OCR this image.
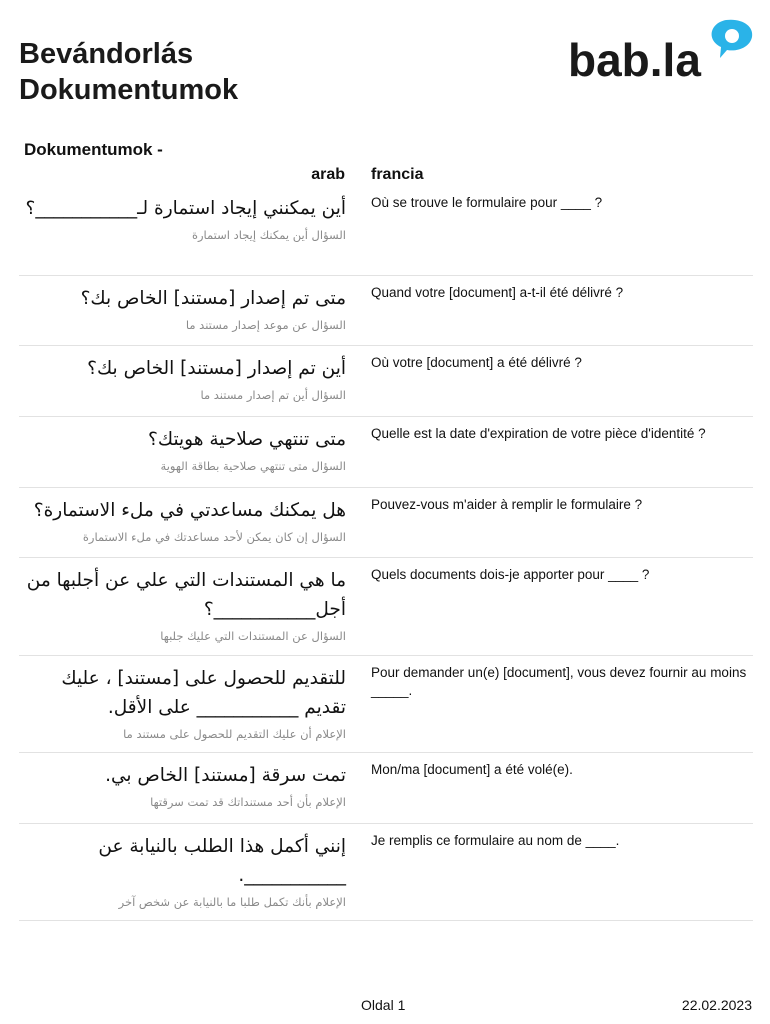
Bevándorlás
Dokumentumok
bab.la
Dokumentumok -
arab francia
أين يمكنني إيجاد استمارة لـ___________؟
السؤال أين يمكنك إيجاد استمارة
Où se trouve le formulaire pour ____ ?
متى تم إصدار [مستند] الخاص بك؟
السؤال عن موعد إصدار مستند ما
Quand votre [document] a-t-il été délivré ?
أين تم إصدار [مستند] الخاص بك؟
السؤال أين تم إصدار مستند ما
Où votre [document] a été délivré ?
متى تنتهي صلاحية هويتك؟
السؤال متى تنتهي صلاحية بطاقة الهوية
Quelle est la date d'expiration de votre pièce d'identité ?
هل يمكنك مساعدتي في ملء الاستمارة؟
السؤال إن كان يمكن لأحد مساعدتك في ملء الاستمارة
Pouvez-vous m'aider à remplir le formulaire ?
ما هي المستندات التي علي عن أجلبها من أجل___________؟
السؤال عن المستندات التي عليك جلبها
Quels documents dois-je apporter pour ____ ?
للتقديم للحصول على [مستند] ، عليك تقديم ___________ على الأقل.
الإعلام أن عليك التقديم للحصول على مستند ما
Pour demander un(e) [document], vous devez fournir au moins _____.
تمت سرقة [مستند] الخاص بي.
الإعلام بأن أحد مستنداتك قد تمت سرقتها
Mon/ma [document] a été volé(e).
إنني أكمل هذا الطلب بالنيابة عن ___________.
الإعلام بأنك تكمل طلبا ما بالنيابة عن شخص آخر
Je remplis ce formulaire au nom de ____.
Oldal 1	22.02.2023
